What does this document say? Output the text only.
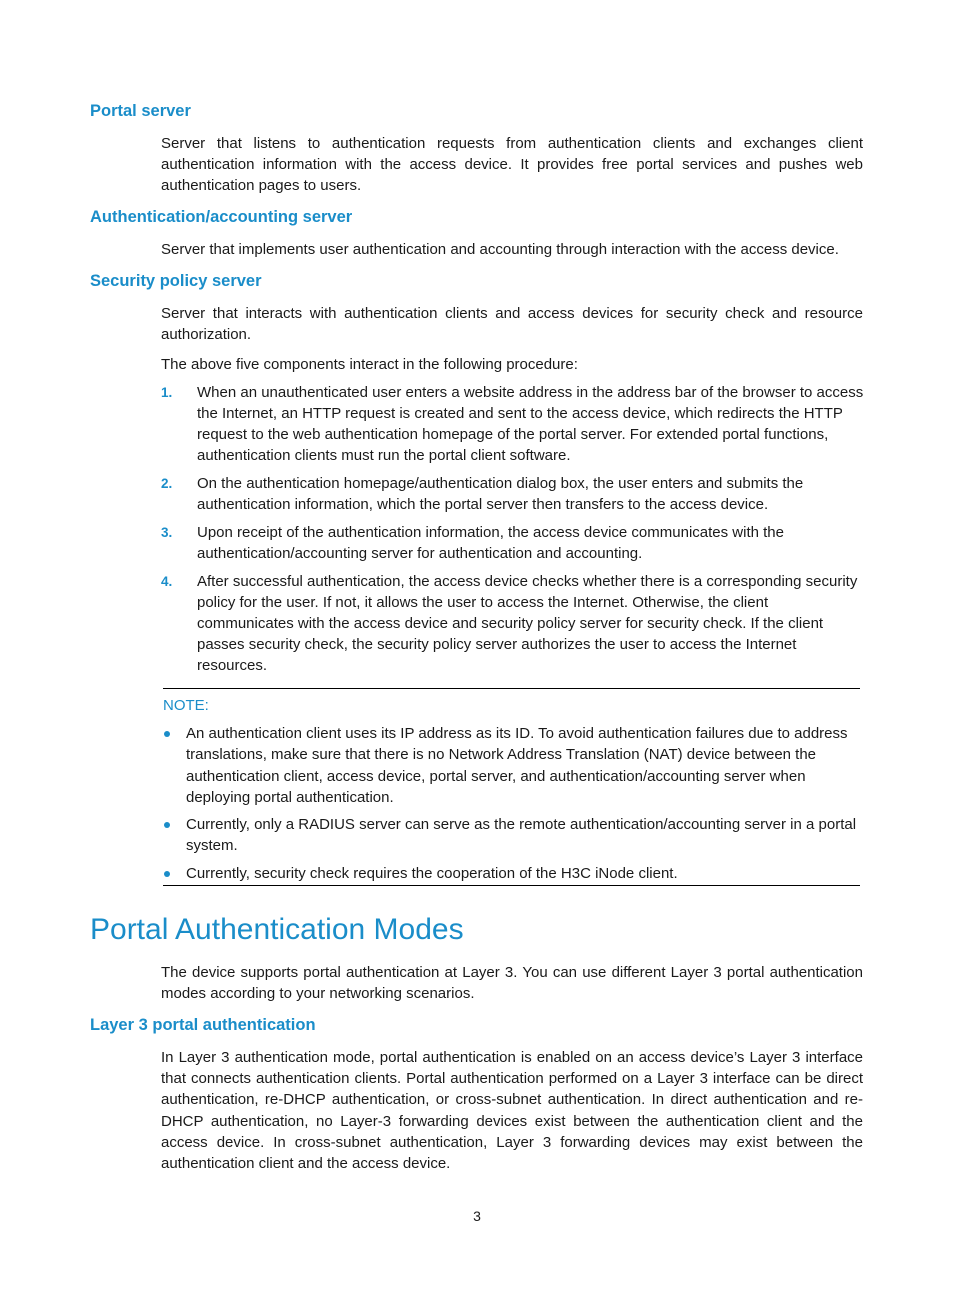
Portal server

Server that listens to authentication requests from authentication clients and exchanges client authentication information with the access device. It provides free portal services and pushes web authentication pages to users.

Authentication/accounting server

Server that implements user authentication and accounting through interaction with the access device.

Security policy server

Server that interacts with authentication clients and access devices for security check and resource authorization.

The above five components interact in the following procedure:

1. When an unauthenticated user enters a website address in the address bar of the browser to access the Internet, an HTTP request is created and sent to the access device, which redirects the HTTP request to the web authentication homepage of the portal server. For extended portal functions, authentication clients must run the portal client software.
2. On the authentication homepage/authentication dialog box, the user enters and submits the authentication information, which the portal server then transfers to the access device.
3. Upon receipt of the authentication information, the access device communicates with the authentication/accounting server for authentication and accounting.
4. After successful authentication, the access device checks whether there is a corresponding security policy for the user. If not, it allows the user to access the Internet. Otherwise, the client communicates with the access device and security policy server for security check. If the client passes security check, the security policy server authorizes the user to access the Internet resources.

NOTE:

An authentication client uses its IP address as its ID. To avoid authentication failures due to address translations, make sure that there is no Network Address Translation (NAT) device between the authentication client, access device, portal server, and authentication/accounting server when deploying portal authentication.
Currently, only a RADIUS server can serve as the remote authentication/accounting server in a portal system.
Currently, security check requires the cooperation of the H3C iNode client.
Portal Authentication Modes

The device supports portal authentication at Layer 3. You can use different Layer 3 portal authentication modes according to your networking scenarios.

Layer 3 portal authentication

In Layer 3 authentication mode, portal authentication is enabled on an access device’s Layer 3 interface that connects authentication clients. Portal authentication performed on a Layer 3 interface can be direct authentication, re-DHCP authentication, or cross-subnet authentication. In direct authentication and re-DHCP authentication, no Layer-3 forwarding devices exist between the authentication client and the access device. In cross-subnet authentication, Layer 3 forwarding devices may exist between the authentication client and the access device.

3
